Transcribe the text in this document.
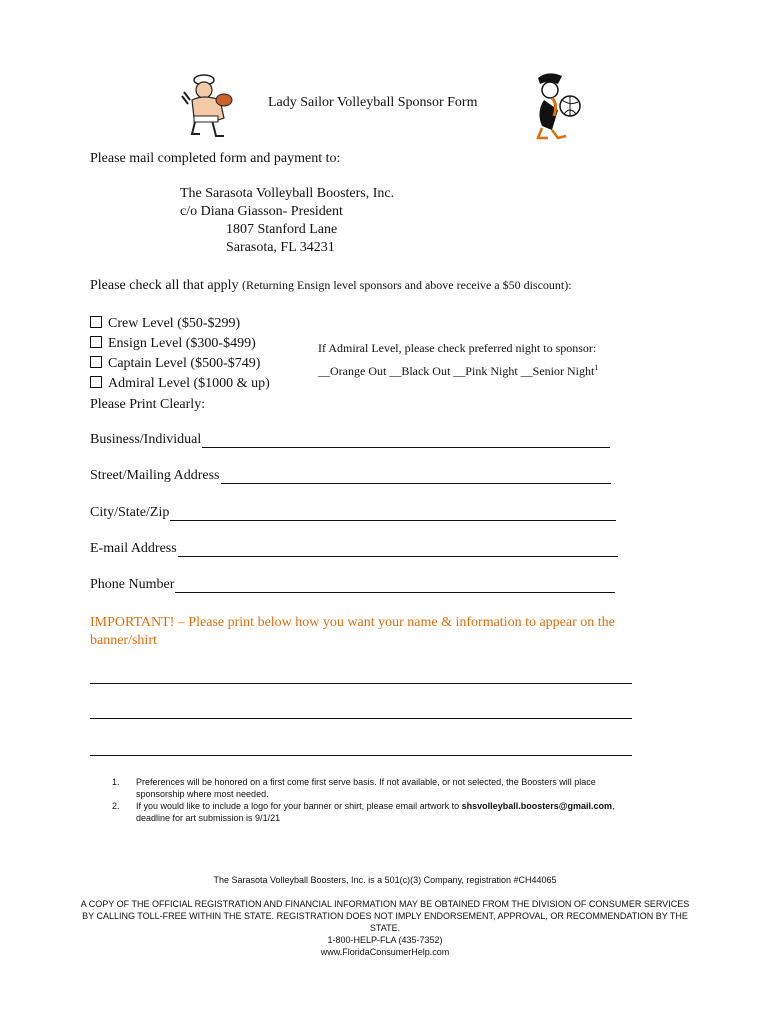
Lady Sailor Volleyball Sponsor Form
Please mail completed form and payment to:
The Sarasota Volleyball Boosters, Inc.
c/o Diana Giasson- President
1807 Stanford Lane
Sarasota, FL 34231
Please check all that apply (Returning Ensign level sponsors and above receive a $50 discount):
Crew Level ($50-$299)
Ensign Level ($300-$499)
Captain Level ($500-$749)
Admiral Level ($1000 & up)
If Admiral Level, please check preferred night to sponsor:
__Orange Out __Black Out __Pink Night __Senior Night$^1$
Please Print Clearly:
Business/Individual
Street/Mailing Address
City/State/Zip
E-mail Address
Phone Number
IMPORTANT! – Please print below how you want your name & information to appear on the banner/shirt
1.	Preferences will be honored on a first come first serve basis. If not available, or not selected, the Boosters will place sponsorship where most needed.
2.	If you would like to include a logo for your banner or shirt, please email artwork to shsvolleyball.boosters@gmail.com, deadline for art submission is 9/1/21
The Sarasota Volleyball Boosters, Inc. is a 501(c)(3) Company, registration #CH44065
A COPY OF THE OFFICIAL REGISTRATION AND FINANCIAL INFORMATION MAY BE OBTAINED FROM THE DIVISION OF CONSUMER SERVICES BY CALLING TOLL-FREE WITHIN THE STATE. REGISTRATION DOES NOT IMPLY ENDORSEMENT, APPROVAL, OR RECOMMENDATION BY THE STATE.
1-800-HELP-FLA (435-7352)
www.FloridaConsumerHelp.com
